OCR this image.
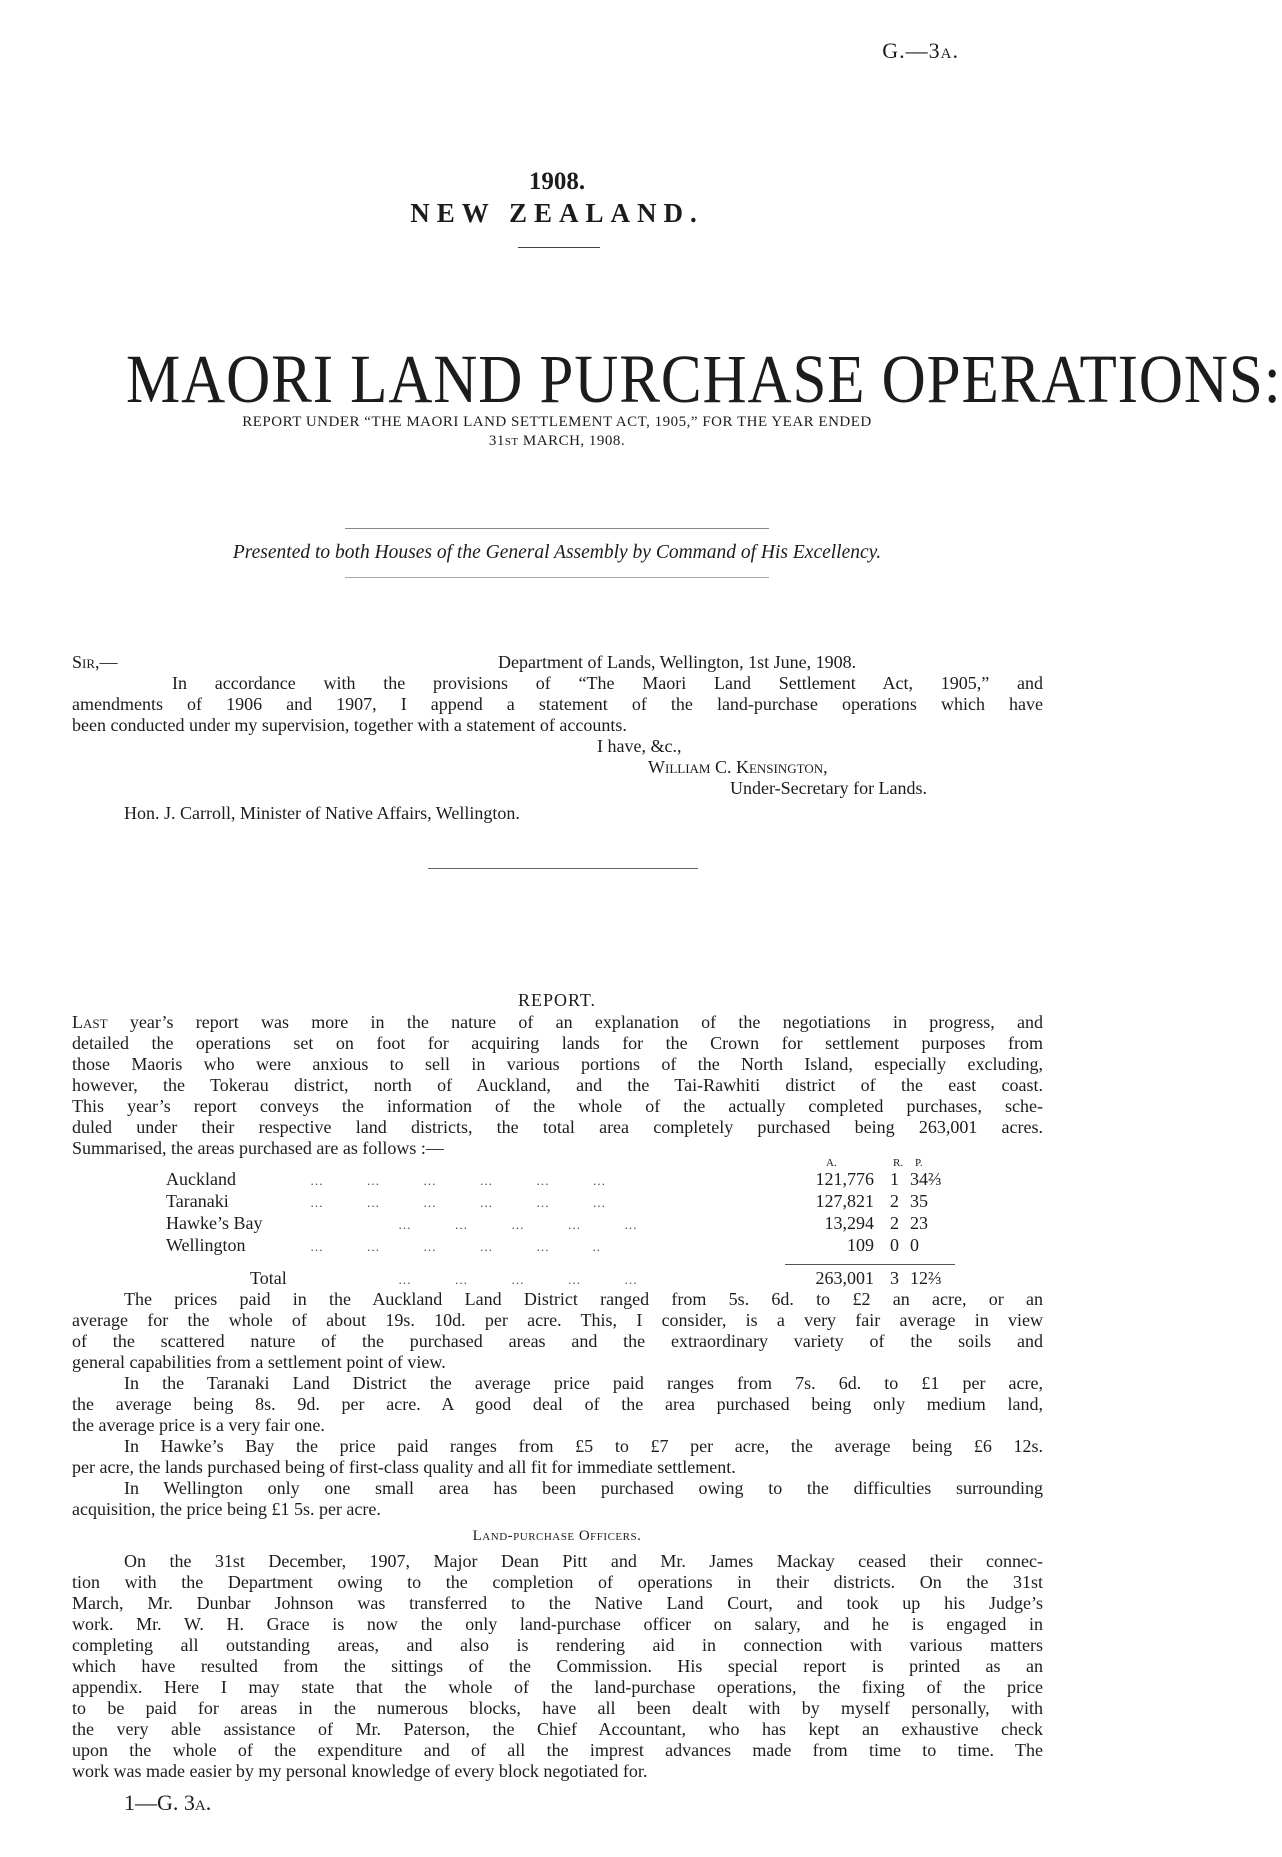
G.—3a.
1908.
NEW ZEALAND.
MAORI LAND PURCHASE OPERATIONS:
REPORT UNDER “THE MAORI LAND SETTLEMENT ACT, 1905,” FOR THE YEAR ENDED
31st MARCH, 1908.
Presented to both Houses of the General Assembly by Command of His Excellency.
Sir,—	Department of Lands, Wellington, 1st June, 1908.
In accordance with the provisions of “The Maori Land Settlement Act, 1905,” and
amendments of 1906 and 1907, I append a statement of the land-purchase operations which have
been conducted under my supervision, together with a statement of accounts.
I have, &c.,
William C. Kensington,
Under-Secretary for Lands.
Hon. J. Carroll, Minister of Native Affairs, Wellington.
REPORT.
Last year’s report was more in the nature of an explanation of the negotiations in progress, and
detailed the operations set on foot for acquiring lands for the Crown for settlement purposes from
those Maoris who were anxious to sell in various portions of the North Island, especially excluding,
however, the Tokerau district, north of Auckland, and the Tai-Rawhiti district of the east coast.
This year’s report conveys the information of the whole of the actually completed purchases, sche-
duled under their respective land districts, the total area completely purchased being 263,001 acres.
Summarised, the areas purchased are as follows :—
A.	R. P.
Auckland	…          …          …          …          …          …	121,776 1 34⅔
Taranaki	…          …          …          …          …          …	127,821 2 35
Hawke’s Bay	…          …          …          …          …	13,294 2 23
Wellington	…          …          …          …          …          ..	109 0 0
Total	…          …          …          …          …	263,001 3 12⅔
The prices paid in the Auckland Land District ranged from 5s. 6d. to £2 an acre, or an
average for the whole of about 19s. 10d. per acre. This, I consider, is a very fair average in view
of the scattered nature of the purchased areas and the extraordinary variety of the soils and
general capabilities from a settlement point of view.
In the Taranaki Land District the average price paid ranges from 7s. 6d. to £1 per acre,
the average being 8s. 9d. per acre. A good deal of the area purchased being only medium land,
the average price is a very fair one.
In Hawke’s Bay the price paid ranges from £5 to £7 per acre, the average being £6 12s.
per acre, the lands purchased being of first-class quality and all fit for immediate settlement.
In Wellington only one small area has been purchased owing to the difficulties surrounding
acquisition, the price being £1 5s. per acre.
Land-purchase Officers.
On the 31st December, 1907, Major Dean Pitt and Mr. James Mackay ceased their connec-
tion with the Department owing to the completion of operations in their districts. On the 31st
March, Mr. Dunbar Johnson was transferred to the Native Land Court, and took up his Judge’s
work. Mr. W. H. Grace is now the only land-purchase officer on salary, and he is engaged in
completing all outstanding areas, and also is rendering aid in connection with various matters
which have resulted from the sittings of the Commission. His special report is printed as an
appendix. Here I may state that the whole of the land-purchase operations, the fixing of the price
to be paid for areas in the numerous blocks, have all been dealt with by myself personally, with
the very able assistance of Mr. Paterson, the Chief Accountant, who has kept an exhaustive check
upon the whole of the expenditure and of all the imprest advances made from time to time. The
work was made easier by my personal knowledge of every block negotiated for.
1—G. 3a.
